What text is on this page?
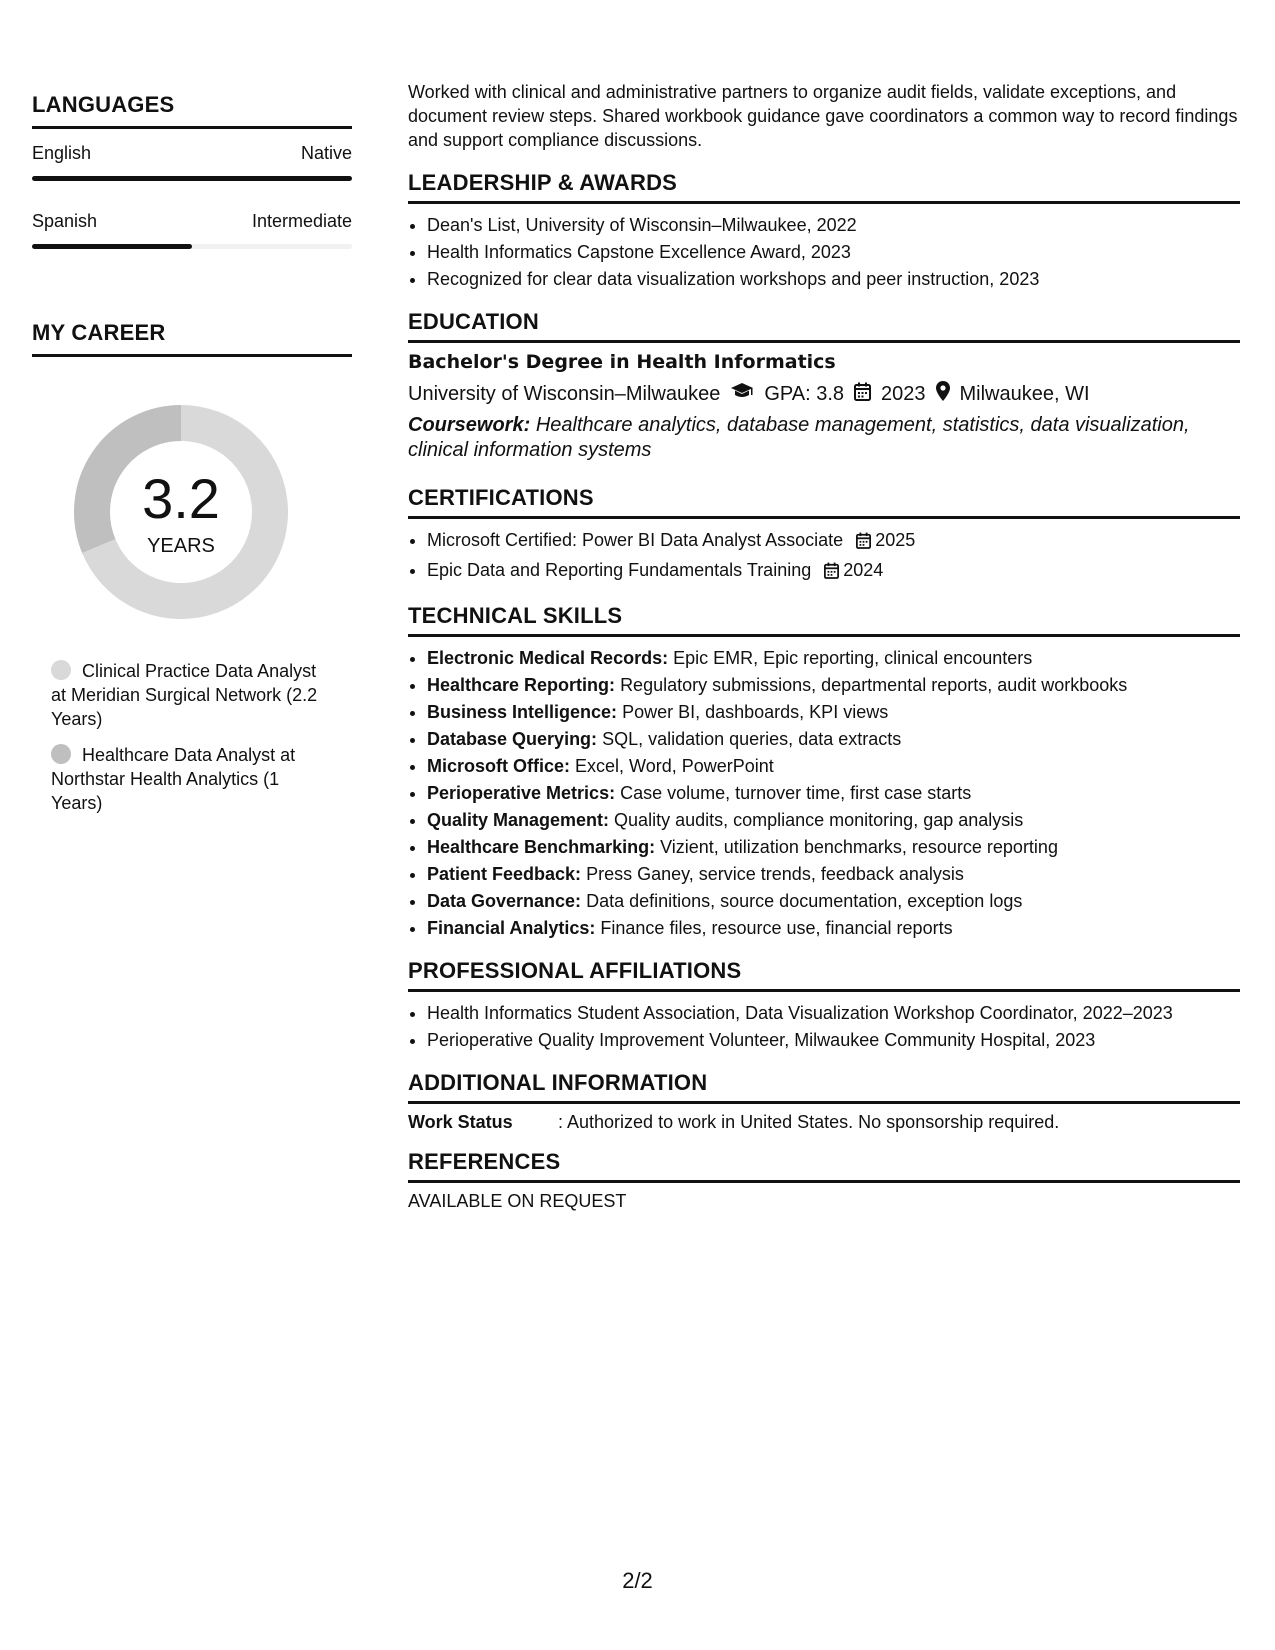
LANGUAGES
English	Native
Spanish	Intermediate
MY CAREER
3.2
YEARS
Clinical Practice Data Analyst at Meridian Surgical Network (2.2 Years)
Healthcare Data Analyst at Northstar Health Analytics (1 Years)

Worked with clinical and administrative partners to organize audit fields, validate exceptions, and document review steps. Shared workbook guidance gave coordinators a common way to record findings and support compliance discussions.

LEADERSHIP & AWARDS
• Dean's List, University of Wisconsin–Milwaukee, 2022
• Health Informatics Capstone Excellence Award, 2023
• Recognized for clear data visualization workshops and peer instruction, 2023
EDUCATION
Bachelor's Degree in Health Informatics
University of Wisconsin–Milwaukee GPA: 3.8 2023 Milwaukee, WI
Coursework: Healthcare analytics, database management, statistics, data visualization, clinical information systems
CERTIFICATIONS
• Microsoft Certified: Power BI Data Analyst Associate 2025
• Epic Data and Reporting Fundamentals Training 2024
TECHNICAL SKILLS
• Electronic Medical Records: Epic EMR, Epic reporting, clinical encounters
• Healthcare Reporting: Regulatory submissions, departmental reports, audit workbooks
• Business Intelligence: Power BI, dashboards, KPI views
• Database Querying: SQL, validation queries, data extracts
• Microsoft Office: Excel, Word, PowerPoint
• Perioperative Metrics: Case volume, turnover time, first case starts
• Quality Management: Quality audits, compliance monitoring, gap analysis
• Healthcare Benchmarking: Vizient, utilization benchmarks, resource reporting
• Patient Feedback: Press Ganey, service trends, feedback analysis
• Data Governance: Data definitions, source documentation, exception logs
• Financial Analytics: Finance files, resource use, financial reports
PROFESSIONAL AFFILIATIONS
• Health Informatics Student Association, Data Visualization Workshop Coordinator, 2022–2023
• Perioperative Quality Improvement Volunteer, Milwaukee Community Hospital, 2023
ADDITIONAL INFORMATION
Work Status	: Authorized to work in United States. No sponsorship required.
REFERENCES
AVAILABLE ON REQUEST
2/2
